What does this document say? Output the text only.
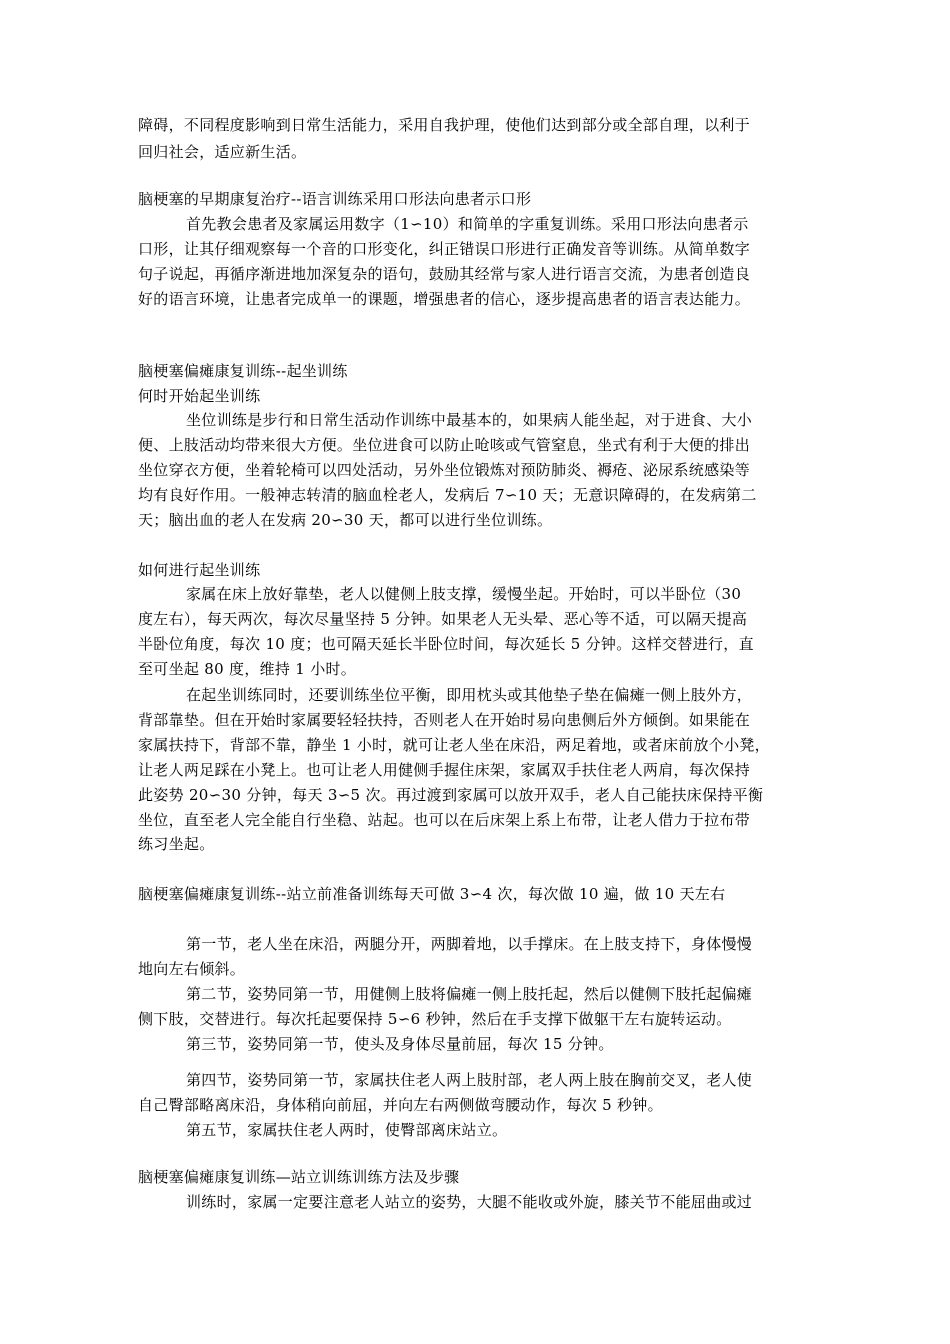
障碍，不同程度影响到日常生活能力，采用自我护理，使他们达到部分或全部自理，以利于
回归社会，适应新生活。
脑梗塞的早期康复治疗--语言训练采用口形法向患者示口形
首先教会患者及家属运用数字（1∽10）和简单的字重复训练。采用口形法向患者示
口形，让其仔细观察每一个音的口形变化，纠正错误口形进行正确发音等训练。从简单数字
句子说起，再循序渐进地加深复杂的语句，鼓励其经常与家人进行语言交流，为患者创造良
好的语言环境，让患者完成单一的课题，增强患者的信心，逐步提高患者的语言表达能力。
脑梗塞偏瘫康复训练--起坐训练
何时开始起坐训练
坐位训练是步行和日常生活动作训练中最基本的，如果病人能坐起，对于进食、大小
便、上肢活动均带来很大方便。坐位进食可以防止呛咳或气管窒息，坐式有利于大便的排出
坐位穿衣方便，坐着轮椅可以四处活动，另外坐位锻炼对预防肺炎、褥疮、泌尿系统感染等
均有良好作用。一般神志转清的脑血栓老人，发病后 7∽10 天；无意识障碍的，在发病第二
天；脑出血的老人在发病 20∽30 天，都可以进行坐位训练。
如何进行起坐训练
家属在床上放好靠垫，老人以健侧上肢支撑，缓慢坐起。开始时，可以半卧位（30
度左右），每天两次，每次尽量坚持 5 分钟。如果老人无头晕、恶心等不适，可以隔天提高
半卧位角度，每次 10 度；也可隔天延长半卧位时间，每次延长 5 分钟。这样交替进行，直
至可坐起 80 度，维持 1 小时。
在起坐训练同时，还要训练坐位平衡，即用枕头或其他垫子垫在偏瘫一侧上肢外方，
背部靠垫。但在开始时家属要轻轻扶持，否则老人在开始时易向患侧后外方倾倒。如果能在
家属扶持下，背部不靠，静坐 1 小时，就可让老人坐在床沿，两足着地，或者床前放个小凳，
让老人两足踩在小凳上。也可让老人用健侧手握住床架，家属双手扶住老人两肩，每次保持
此姿势 20∽30 分钟，每天 3∽5 次。再过渡到家属可以放开双手，老人自己能扶床保持平衡
坐位，直至老人完全能自行坐稳、站起。也可以在后床架上系上布带，让老人借力于拉布带
练习坐起。
脑梗塞偏瘫康复训练--站立前准备训练每天可做 3∽4 次，每次做 10 遍，做 10 天左右
第一节，老人坐在床沿，两腿分开，两脚着地，以手撑床。在上肢支持下，身体慢慢
地向左右倾斜。
第二节，姿势同第一节，用健侧上肢将偏瘫一侧上肢托起，然后以健侧下肢托起偏瘫
侧下肢，交替进行。每次托起要保持 5∽6 秒钟，然后在手支撑下做躯干左右旋转运动。
第三节，姿势同第一节，使头及身体尽量前屈，每次 15 分钟。
第四节，姿势同第一节，家属扶住老人两上肢肘部，老人两上肢在胸前交叉，老人使
自己臀部略离床沿，身体稍向前屈，并向左右两侧做弯腰动作，每次 5 秒钟。
第五节，家属扶住老人两时，使臀部离床站立。
脑梗塞偏瘫康复训练—站立训练训练方法及步骤
训练时，家属一定要注意老人站立的姿势，大腿不能收或外旋，膝关节不能屈曲或过
